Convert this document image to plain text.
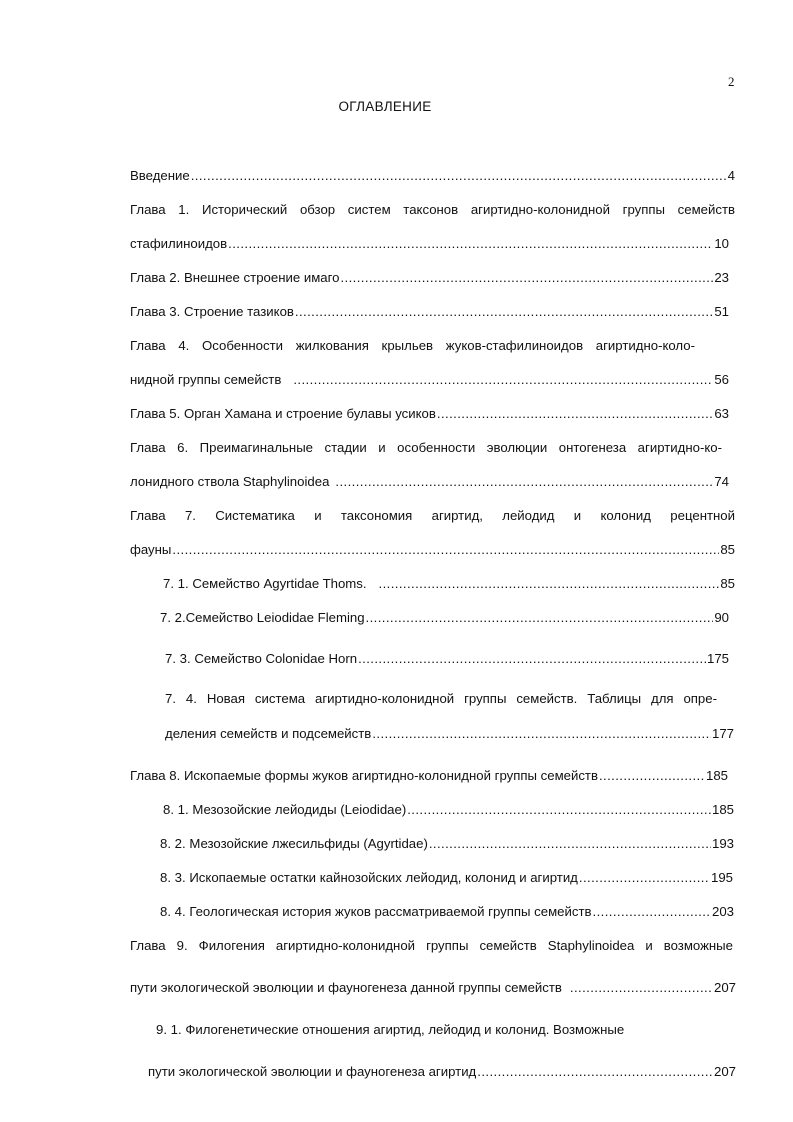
2
ОГЛАВЛЕНИЕ
Введение .....	4
Глава 1. Исторический обзор систем таксонов агиртидно-колонидной группы семейств
стафилиноидов .....	10
Глава 2. Внешнее строение имаго .....	23
Глава 3. Строение тазиков .....	51
Глава 4. Особенности жилкования крыльев жуков-стафилиноидов агиртидно-коло-
нидной группы семейств .....	56
Глава 5. Орган Хамана и строение булавы усиков .....	63
Глава 6. Преимагинальные стадии и особенности эволюции онтогенеза агиртидно-ко-
лонидного ствола Staphylinoidea .....	74
Глава 7. Систематика и таксономия агиртид, лейодид и колонид рецентной
фауны .....	85
7. 1. Семейство Agyrtidae Thoms. .....	85
7. 2.Семейство Leiodidae Fleming .....	90
7. 3. Семейство Colonidae Horn .....	175
7. 4. Новая система агиртидно-колонидной группы семейств. Таблицы для опре-
деления семейств и подсемейств .....	177
Глава 8. Ископаемые формы жуков агиртидно-колонидной группы семейств .....	185
8. 1. Мезозойские лейодиды (Leiodidae) .....	185
8. 2. Мезозойские лжесильфиды (Agyrtidae) .....	193
8. 3. Ископаемые остатки кайнозойских лейодид, колонид и агиртид .....	195
8. 4. Геологическая история жуков рассматриваемой группы семейств .....	203
Глава 9. Филогения агиртидно-колонидной группы семейств Staphylinoidea и возможные
пути экологической эволюции и фауногенеза данной группы семейств .....	207
9. 1. Филогенетические отношения агиртид, лейодид и колонид. Возможные
пути экологической эволюции и фауногенеза агиртид .....	207
